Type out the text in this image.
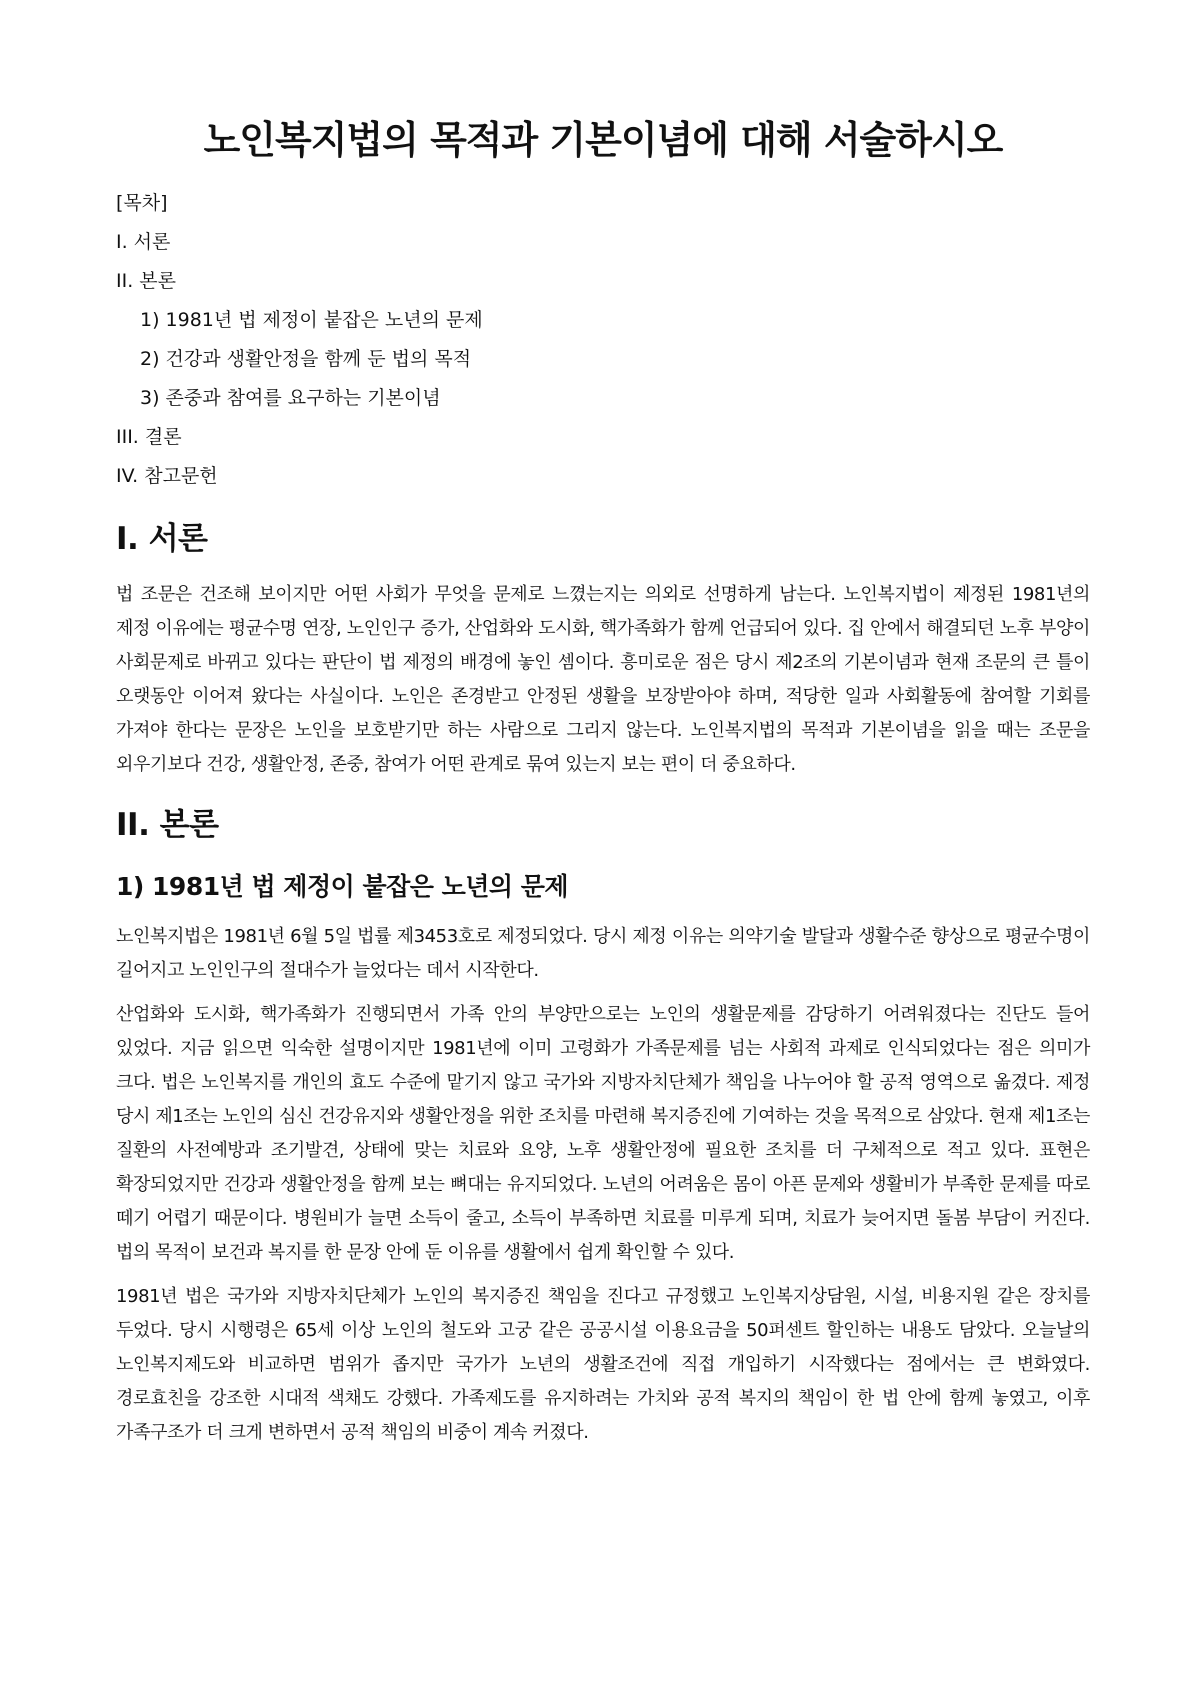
노인복지법의 목적과 기본이념에 대해 서술하시오
[목차]
I. 서론
II. 본론
1) 1981년 법 제정이 붙잡은 노년의 문제
2) 건강과 생활안정을 함께 둔 법의 목적
3) 존중과 참여를 요구하는 기본이념
III. 결론
IV. 참고문헌
I. 서론

법 조문은 건조해 보이지만 어떤 사회가 무엇을 문제로 느꼈는지는 의외로 선명하게 남는다. 노인복지법이 제정된 1981년의 제정 이유에는 평균수명 연장, 노인인구 증가, 산업화와 도시화, 핵가족화가 함께 언급되어 있다. 집 안에서 해결되던 노후 부양이 사회문제로 바뀌고 있다는 판단이 법 제정의 배경에 놓인 셈이다. 흥미로운 점은 당시 제2조의 기본이념과 현재 조문의 큰 틀이 오랫동안 이어져 왔다는 사실이다. 노인은 존경받고 안정된 생활을 보장받아야 하며, 적당한 일과 사회활동에 참여할 기회를 가져야 한다는 문장은 노인을 보호받기만 하는 사람으로 그리지 않는다. 노인복지법의 목적과 기본이념을 읽을 때는 조문을 외우기보다 건강, 생활안정, 존중, 참여가 어떤 관계로 묶여 있는지 보는 편이 더 중요하다.

II. 본론
1) 1981년 법 제정이 붙잡은 노년의 문제

노인복지법은 1981년 6월 5일 법률 제3453호로 제정되었다. 당시 제정 이유는 의약기술 발달과 생활수준 향상으로 평균수명이 길어지고 노인인구의 절대수가 늘었다는 데서 시작한다.

산업화와 도시화, 핵가족화가 진행되면서 가족 안의 부양만으로는 노인의 생활문제를 감당하기 어려워졌다는 진단도 들어 있었다. 지금 읽으면 익숙한 설명이지만 1981년에 이미 고령화가 가족문제를 넘는 사회적 과제로 인식되었다는 점은 의미가 크다. 법은 노인복지를 개인의 효도 수준에 맡기지 않고 국가와 지방자치단체가 책임을 나누어야 할 공적 영역으로 옮겼다. 제정 당시 제1조는 노인의 심신 건강유지와 생활안정을 위한 조치를 마련해 복지증진에 기여하는 것을 목적으로 삼았다. 현재 제1조는 질환의 사전예방과 조기발견, 상태에 맞는 치료와 요양, 노후 생활안정에 필요한 조치를 더 구체적으로 적고 있다. 표현은 확장되었지만 건강과 생활안정을 함께 보는 뼈대는 유지되었다. 노년의 어려움은 몸이 아픈 문제와 생활비가 부족한 문제를 따로 떼기 어렵기 때문이다. 병원비가 늘면 소득이 줄고, 소득이 부족하면 치료를 미루게 되며, 치료가 늦어지면 돌봄 부담이 커진다. 법의 목적이 보건과 복지를 한 문장 안에 둔 이유를 생활에서 쉽게 확인할 수 있다.

1981년 법은 국가와 지방자치단체가 노인의 복지증진 책임을 진다고 규정했고 노인복지상담원, 시설, 비용지원 같은 장치를 두었다. 당시 시행령은 65세 이상 노인의 철도와 고궁 같은 공공시설 이용요금을 50퍼센트 할인하는 내용도 담았다. 오늘날의 노인복지제도와 비교하면 범위가 좁지만 국가가 노년의 생활조건에 직접 개입하기 시작했다는 점에서는 큰 변화였다. 경로효친을 강조한 시대적 색채도 강했다. 가족제도를 유지하려는 가치와 공적 복지의 책임이 한 법 안에 함께 놓였고, 이후 가족구조가 더 크게 변하면서 공적 책임의 비중이 계속 커졌다.
